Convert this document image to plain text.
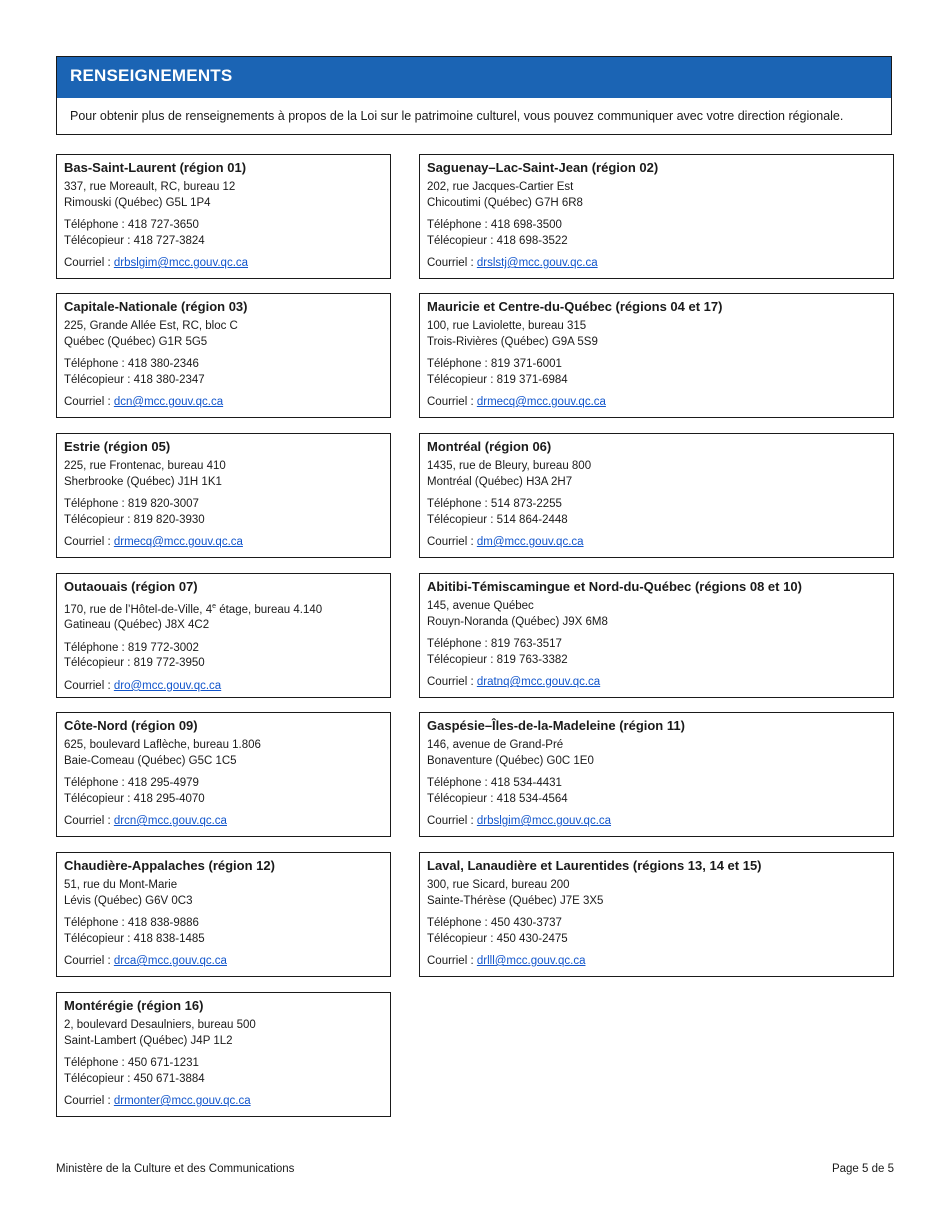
RENSEIGNEMENTS
Pour obtenir plus de renseignements à propos de la Loi sur le patrimoine culturel, vous pouvez communiquer avec votre direction régionale.
Bas-Saint-Laurent (région 01)
337, rue Moreault, RC, bureau 12
Rimouski (Québec) G5L 1P4
Téléphone : 418 727-3650
Télécopieur : 418 727-3824
Courriel : drbslgim@mcc.gouv.qc.ca
Saguenay–Lac-Saint-Jean (région 02)
202, rue Jacques-Cartier Est
Chicoutimi (Québec) G7H 6R8
Téléphone : 418 698-3500
Télécopieur : 418 698-3522
Courriel : drslstj@mcc.gouv.qc.ca
Capitale-Nationale (région 03)
225, Grande Allée Est, RC, bloc C
Québec (Québec) G1R 5G5
Téléphone : 418 380-2346
Télécopieur : 418 380-2347
Courriel : dcn@mcc.gouv.qc.ca
Mauricie et Centre-du-Québec (régions 04 et 17)
100, rue Laviolette, bureau 315
Trois-Rivières (Québec) G9A 5S9
Téléphone : 819 371-6001
Télécopieur : 819 371-6984
Courriel : drmecq@mcc.gouv.qc.ca
Estrie (région 05)
225, rue Frontenac, bureau 410
Sherbrooke (Québec) J1H 1K1
Téléphone : 819 820-3007
Télécopieur : 819 820-3930
Courriel : drmecq@mcc.gouv.qc.ca
Montréal (région 06)
1435, rue de Bleury, bureau 800
Montréal (Québec) H3A 2H7
Téléphone : 514 873-2255
Télécopieur : 514 864-2448
Courriel : dm@mcc.gouv.qc.ca
Outaouais (région 07)
170, rue de l’Hôtel-de-Ville, 4e étage, bureau 4.140
Gatineau (Québec) J8X 4C2
Téléphone : 819 772-3002
Télécopieur : 819 772-3950
Courriel : dro@mcc.gouv.qc.ca
Abitibi-Témiscamingue et Nord-du-Québec (régions 08 et 10)
145, avenue Québec
Rouyn-Noranda (Québec) J9X 6M8
Téléphone : 819 763-3517
Télécopieur : 819 763-3382
Courriel : dratnq@mcc.gouv.qc.ca
Côte-Nord (région 09)
625, boulevard Laflèche, bureau 1.806
Baie-Comeau (Québec) G5C 1C5
Téléphone : 418 295-4979
Télécopieur : 418 295-4070
Courriel : drcn@mcc.gouv.qc.ca
Gaspésie–Îles-de-la-Madeleine (région 11)
146, avenue de Grand-Pré
Bonaventure (Québec) G0C 1E0
Téléphone : 418 534-4431
Télécopieur : 418 534-4564
Courriel : drbslgim@mcc.gouv.qc.ca
Chaudière-Appalaches (région 12)
51, rue du Mont-Marie
Lévis (Québec) G6V 0C3
Téléphone : 418 838-9886
Télécopieur : 418 838-1485
Courriel : drca@mcc.gouv.qc.ca
Laval, Lanaudière et Laurentides (régions 13, 14 et 15)
300, rue Sicard, bureau 200
Sainte-Thérèse (Québec) J7E 3X5
Téléphone : 450 430-3737
Télécopieur : 450 430-2475
Courriel : drlll@mcc.gouv.qc.ca
Montérégie (région 16)
2, boulevard Desaulniers, bureau 500
Saint-Lambert (Québec) J4P 1L2
Téléphone : 450 671-1231
Télécopieur : 450 671-3884
Courriel : drmonter@mcc.gouv.qc.ca
Ministère de la Culture et des Communications	Page 5 de 5
